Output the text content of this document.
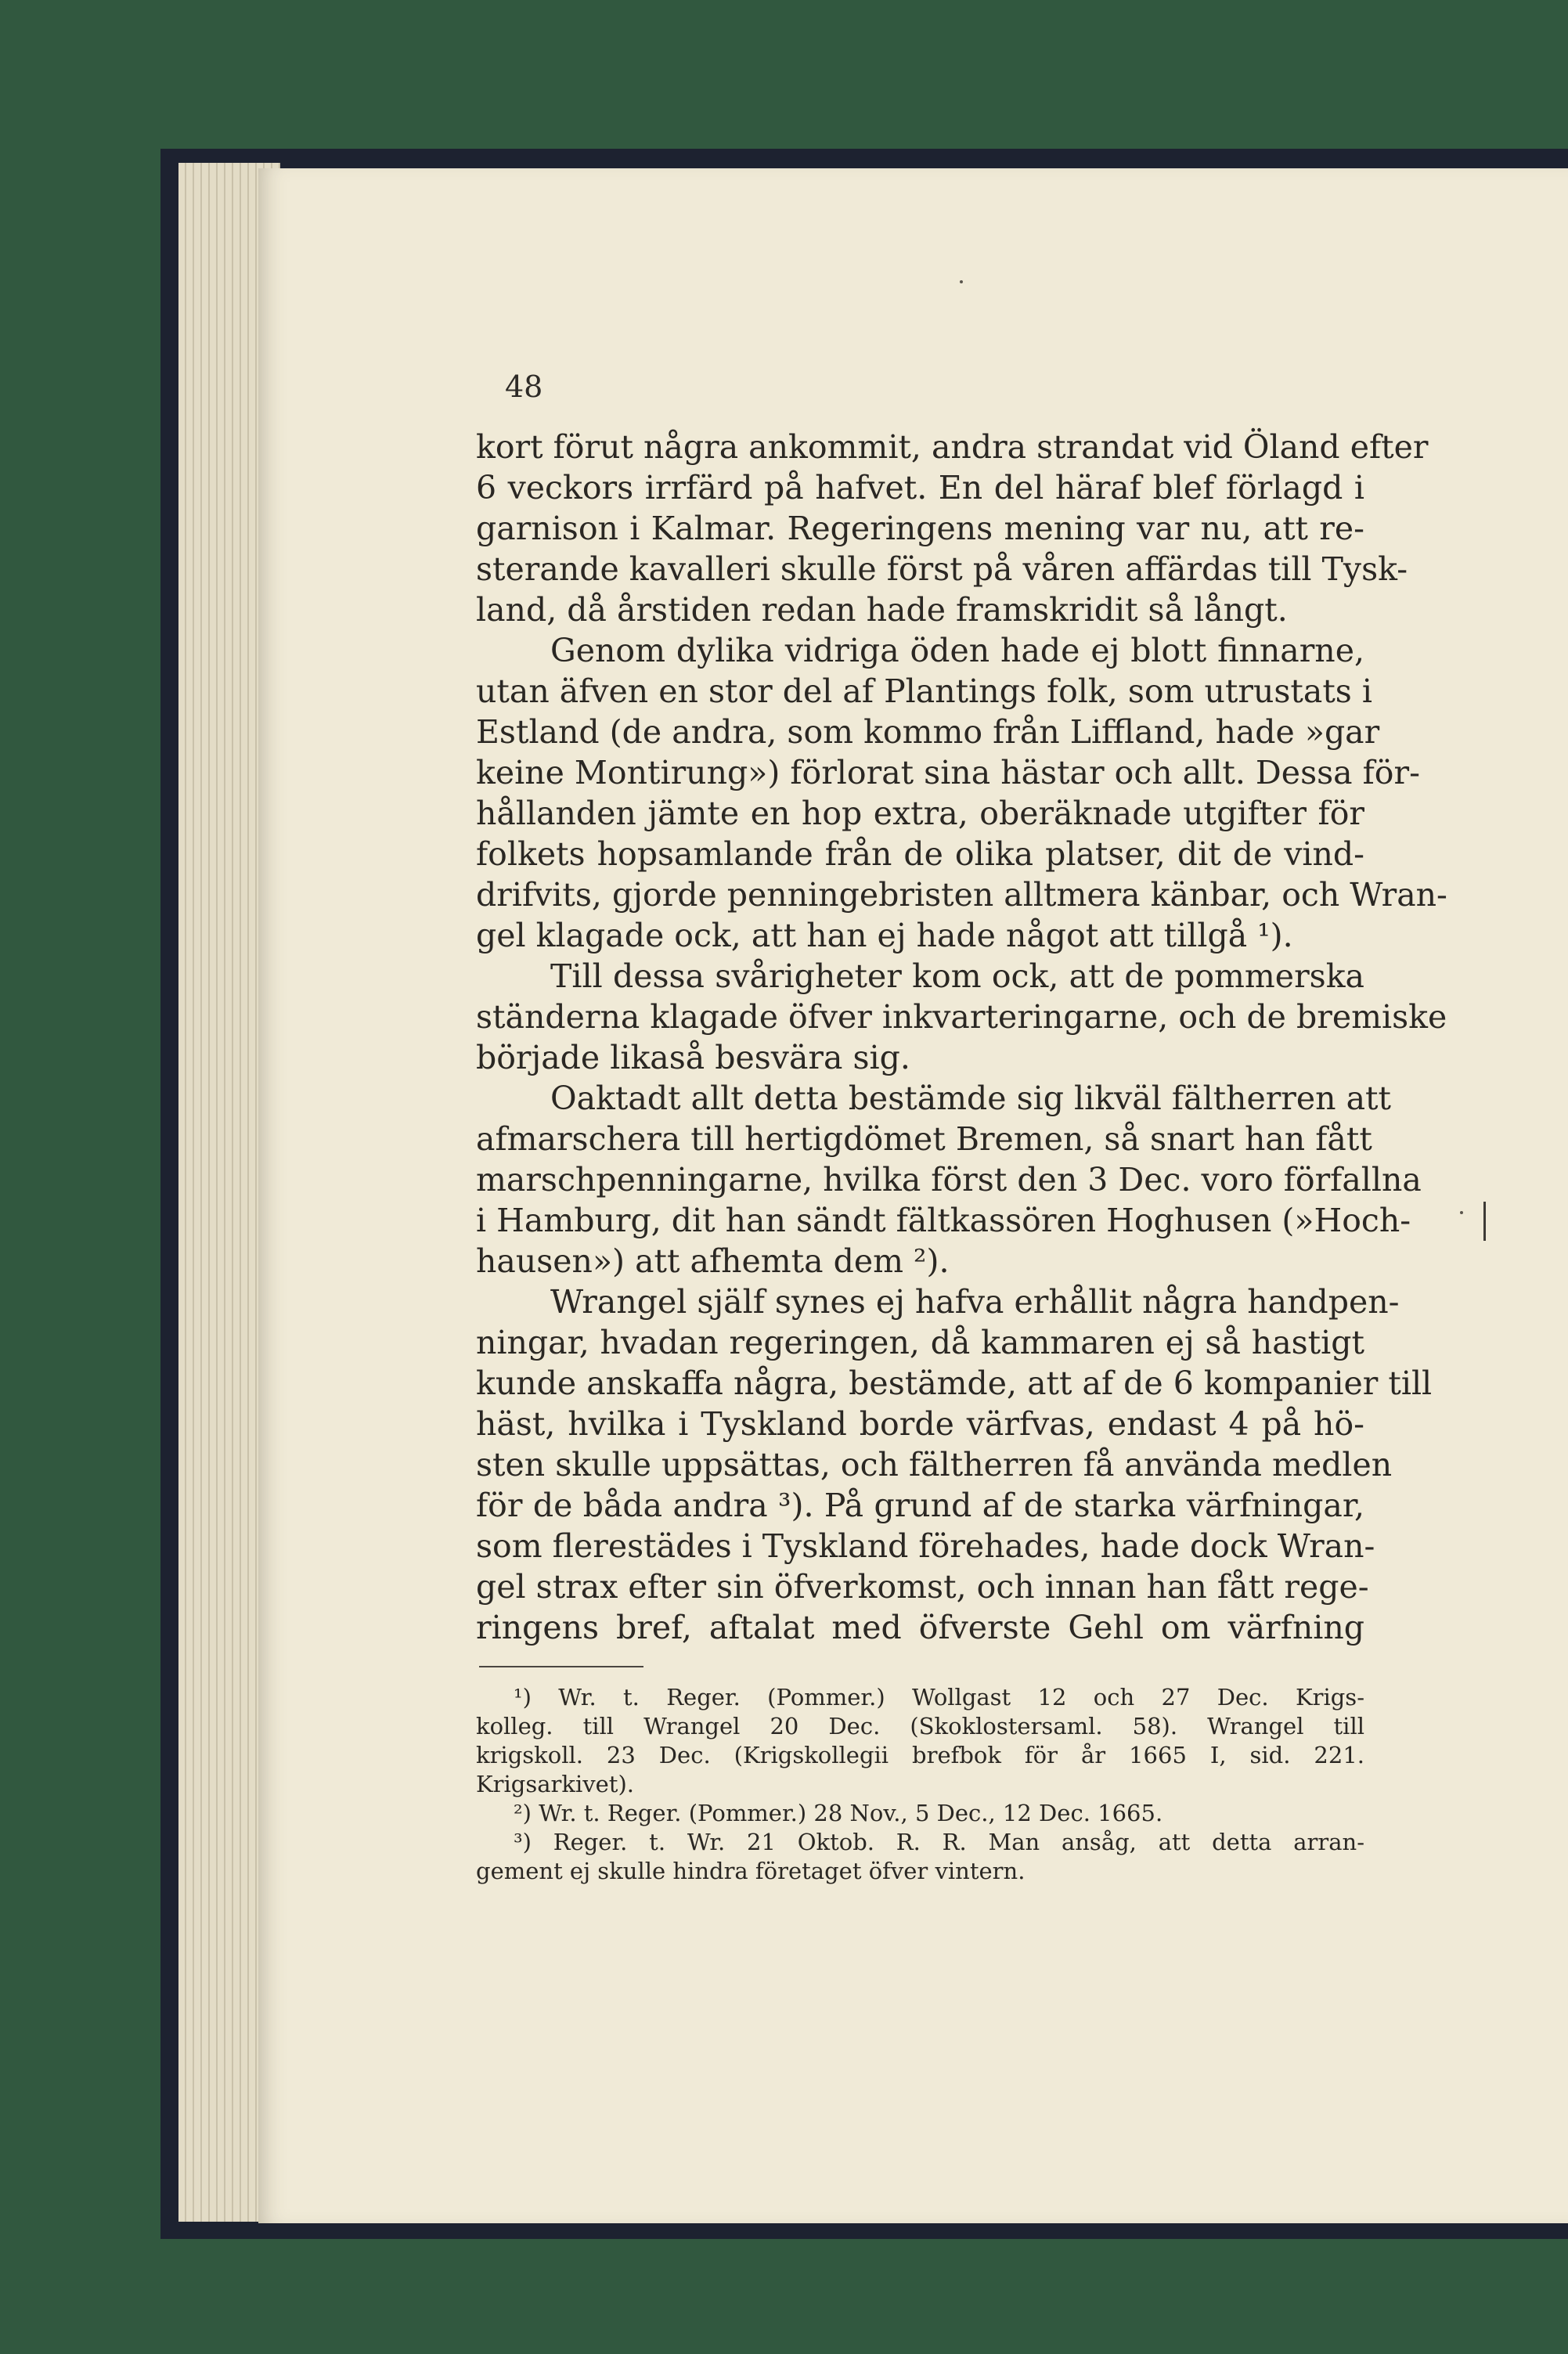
48
kort förut några ankommit, andra strandat vid Öland efter
6 veckors irrfärd på hafvet. En del häraf blef förlagd i
garnison i Kalmar. Regeringens mening var nu, att re-
sterande kavalleri skulle först på våren affärdas till Tysk-
land, då årstiden redan hade framskridit så långt.
Genom dylika vidriga öden hade ej blott finnarne,
utan äfven en stor del af Plantings folk, som utrustats i
Estland (de andra, som kommo från Liffland, hade »gar
keine Montirung») förlorat sina hästar och allt. Dessa för-
hållanden jämte en hop extra, oberäknade utgifter för
folkets hopsamlande från de olika platser, dit de vind-
drifvits, gjorde penningebristen alltmera känbar, och Wran-
gel klagade ock, att han ej hade något att tillgå ¹).
Till dessa svårigheter kom ock, att de pommerska
ständerna klagade öfver inkvarteringarne, och de bremiske
började likaså besvära sig.
Oaktadt allt detta bestämde sig likväl fältherren att
afmarschera till hertigdömet Bremen, så snart han fått
marschpenningarne, hvilka först den 3 Dec. voro förfallna
i Hamburg, dit han sändt fältkassören Hoghusen (»Hoch-
hausen») att afhemta dem ²).
Wrangel själf synes ej hafva erhållit några handpen-
ningar, hvadan regeringen, då kammaren ej så hastigt
kunde anskaffa några, bestämde, att af de 6 kompanier till
häst, hvilka i Tyskland borde värfvas, endast 4 på hö-
sten skulle uppsättas, och fältherren få använda medlen
för de båda andra ³). På grund af de starka värfningar,
som flerestädes i Tyskland förehades, hade dock Wran-
gel strax efter sin öfverkomst, och innan han fått rege-
ringens bref, aftalat med öfverste Gehl om värfning
¹) Wr. t. Reger. (Pommer.) Wollgast 12 och 27 Dec. Krigs-
kolleg. till Wrangel 20 Dec. (Skoklostersaml. 58). Wrangel till
krigskoll. 23 Dec. (Krigskollegii brefbok för år 1665 I, sid. 221.
Krigsarkivet).
²) Wr. t. Reger. (Pommer.) 28 Nov., 5 Dec., 12 Dec. 1665.
³) Reger. t. Wr. 21 Oktob. R. R. Man ansåg, att detta arran-
gement ej skulle hindra företaget öfver vintern.
